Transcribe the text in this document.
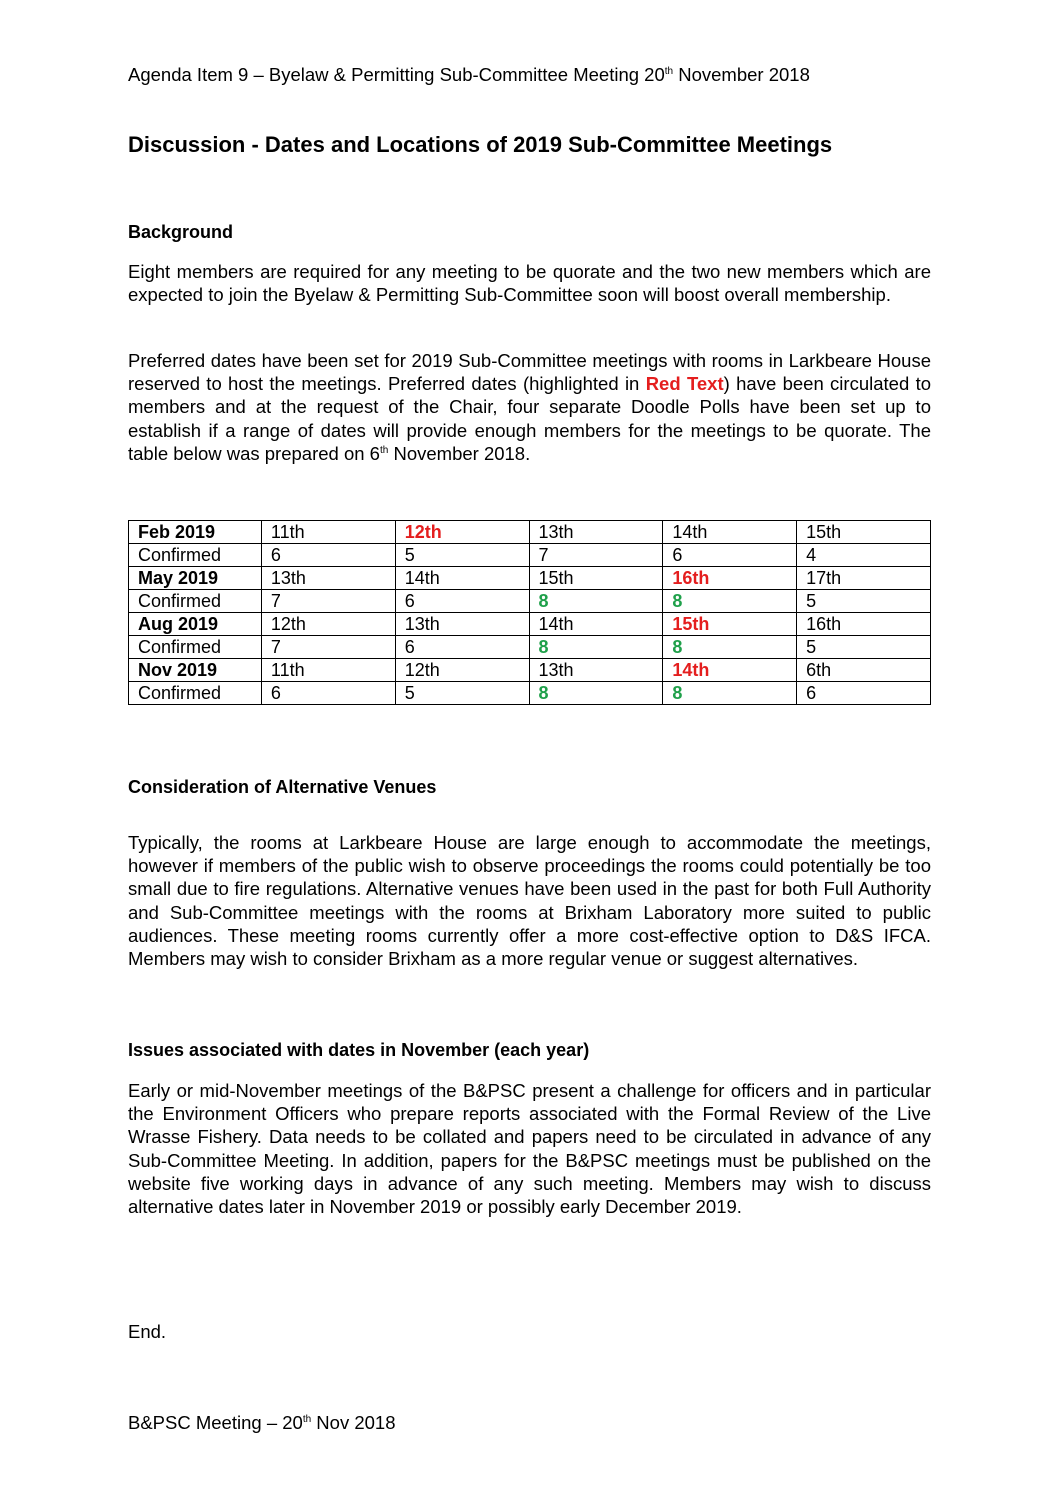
Agenda Item 9 – Byelaw & Permitting Sub-Committee Meeting 20th November 2018
Discussion - Dates and Locations of 2019 Sub-Committee Meetings
Background

Eight members are required for any meeting to be quorate and the two new members which are expected to join the Byelaw & Permitting Sub-Committee soon will boost overall membership.

Preferred dates have been set for 2019 Sub-Committee meetings with rooms in Larkbeare House reserved to host the meetings. Preferred dates (highlighted in Red Text) have been circulated to members and at the request of the Chair, four separate Doodle Polls have been set up to establish if a range of dates will provide enough members for the meetings to be quorate. The table below was prepared on 6th November 2018.

Feb 2019	11th	12th	13th	14th	15th
Confirmed	6	5	7	6	4
May 2019	13th	14th	15th	16th	17th
Confirmed	7	6	8	8	5
Aug 2019	12th	13th	14th	15th	16th
Confirmed	7	6	8	8	5
Nov 2019	11th	12th	13th	14th	6th
Confirmed	6	5	8	8	6
Consideration of Alternative Venues

Typically, the rooms at Larkbeare House are large enough to accommodate the meetings, however if members of the public wish to observe proceedings the rooms could potentially be too small due to fire regulations. Alternative venues have been used in the past for both Full Authority and Sub-Committee meetings with the rooms at Brixham Laboratory more suited to public audiences. These meeting rooms currently offer a more cost-effective option to D&S IFCA. Members may wish to consider Brixham as a more regular venue or suggest alternatives.

Issues associated with dates in November (each year)

Early or mid-November meetings of the B&PSC present a challenge for officers and in particular the Environment Officers who prepare reports associated with the Formal Review of the Live Wrasse Fishery. Data needs to be collated and papers need to be circulated in advance of any Sub-Committee Meeting. In addition, papers for the B&PSC meetings must be published on the website five working days in advance of any such meeting. Members may wish to discuss alternative dates later in November 2019 or possibly early December 2019.

End.
B&PSC Meeting – 20th Nov 2018
